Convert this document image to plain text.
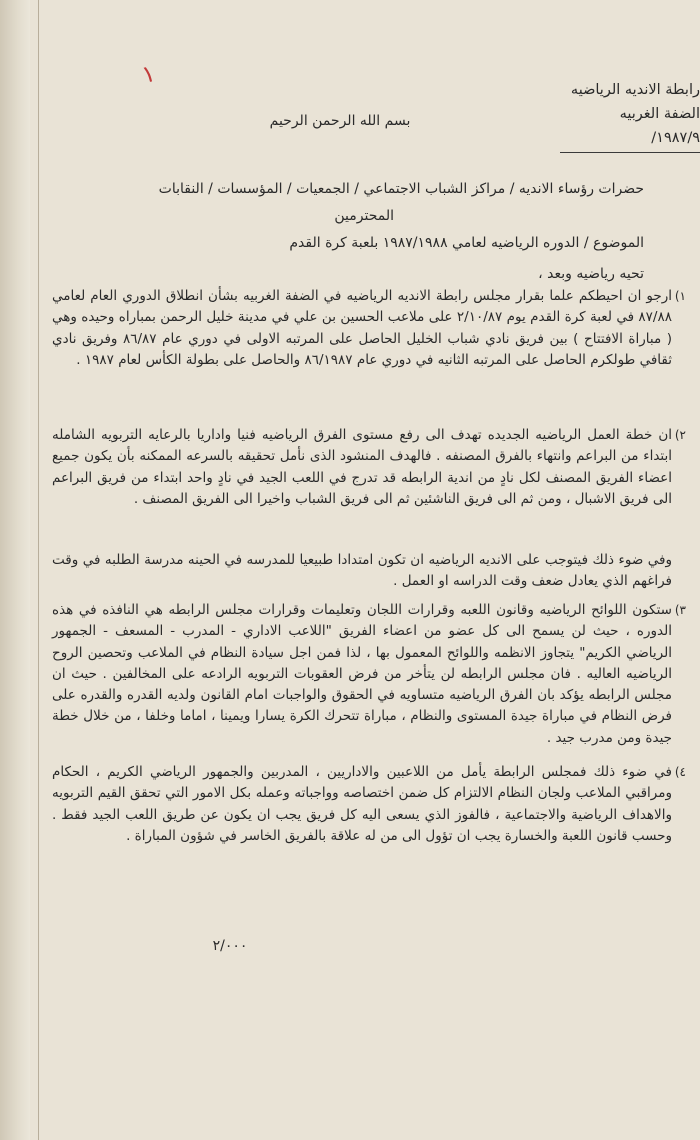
رابطة الانديه الرياضيه
الضفة الغربيه
١٩٨٧/٩/
١
بسم الله الرحمن الرحيم
حضرات رؤساء الانديه / مراكز الشباب الاجتماعي / الجمعيات / المؤسسات / النقابات
المحترمين
الموضوع / الدوره الرياضيه لعامي ١٩٨٧/١٩٨٨ بلعبة كرة القدم
تحيه رياضيه وبعد ،
١)

ارجو ان احيطكم علما بقرار مجلس رابطة الانديه الرياضيه في الضفة الغربيه بشأن انطلاق الدوري العام لعامي ٨٧/٨٨ في لعبة كرة القدم يوم ٢/١٠/٨٧ على ملاعب الحسين بن علي في مدينة خليل الرحمن بمباراه وحيده وهي ( مباراة الافتتاح ) بين فريق نادي شباب الخليل الحاصل على المرتبه الاولى في دوري عام ٨٦/٨٧ وفريق نادي ثقافي طولكرم الحاصل على المرتبه الثانيه في دوري عام ٨٦/١٩٨٧ والحاصل على بطولة الكأس لعام ١٩٨٧ .

٢)

ان خطة العمل الرياضيه الجديده تهدف الى رفع مستوى الفرق الرياضيه فنيا واداريا بالرعايه التربويه الشامله ابتداء من البراعم وانتهاء بالفرق المصنفه . فالهدف المنشود الذى نأمل تحقيقه بالسرعه الممكنه بأن يكون جميع اعضاء الفريق المصنف لكل نادٍ من اندية الرابطه قد تدرج في اللعب الجيد في نادٍ واحد ابتداء من فريق البراعم الى فريق الاشبال ، ومن ثم الى فريق الناشئين ثم الى فريق الشباب واخيرا الى الفريق المصنف .

وفي ضوء ذلك فيتوجب على الانديه الرياضيه ان تكون امتدادا طبيعيا للمدرسه في الحينه مدرسة الطلبه في وقت فراغهم الذي يعادل ضعف وقت الدراسه او العمل .

٣)

ستكون اللوائح الرياضيه وقانون اللعبه وقرارات اللجان وتعليمات وقرارات مجلس الرابطه هي النافذه في هذه الدوره ، حيث لن يسمح الى كل عضو من اعضاء الفريق "اللاعب الاداري - المدرب - المسعف - الجمهور الرياضي الكريم" يتجاوز الانظمه واللوائح المعمول بها ، لذا فمن اجل سيادة النظام في الملاعب وتحصين الروح الرياضيه العاليه . فان مجلس الرابطه لن يتأخر من فرض العقوبات التربويه الرادعه على المخالفين . حيث ان مجلس الرابطه يؤكد بان الفرق الرياضيه متساويه في الحقوق والواجبات امام القانون ولديه القدره والقدره على فرض النظام في مباراة جيدة المستوى والنظام ، مباراة تتحرك الكرة يسارا ويمينا ، اماما وخلفا ، من خلال خطة جيدة ومن مدرب جيد .

٤)

في ضوء ذلك فمجلس الرابطة يأمل من اللاعبين والاداريين ، المدربين والجمهور الرياضي الكريم ، الحكام ومراقبي الملاعب ولجان النظام الالتزام كل ضمن اختصاصه وواجباته وعمله بكل الامور التي تحقق القيم التربويه والاهداف الرياضية والاجتماعية ، فالفوز الذي يسعى اليه كل فريق يجب ان يكون عن طريق اللعب الجيد فقط . وحسب قانون اللعبة والخسارة يجب ان تؤول الى من له علاقة بالفريق الخاسر في شؤون المباراة .

٢/٠٠٠
